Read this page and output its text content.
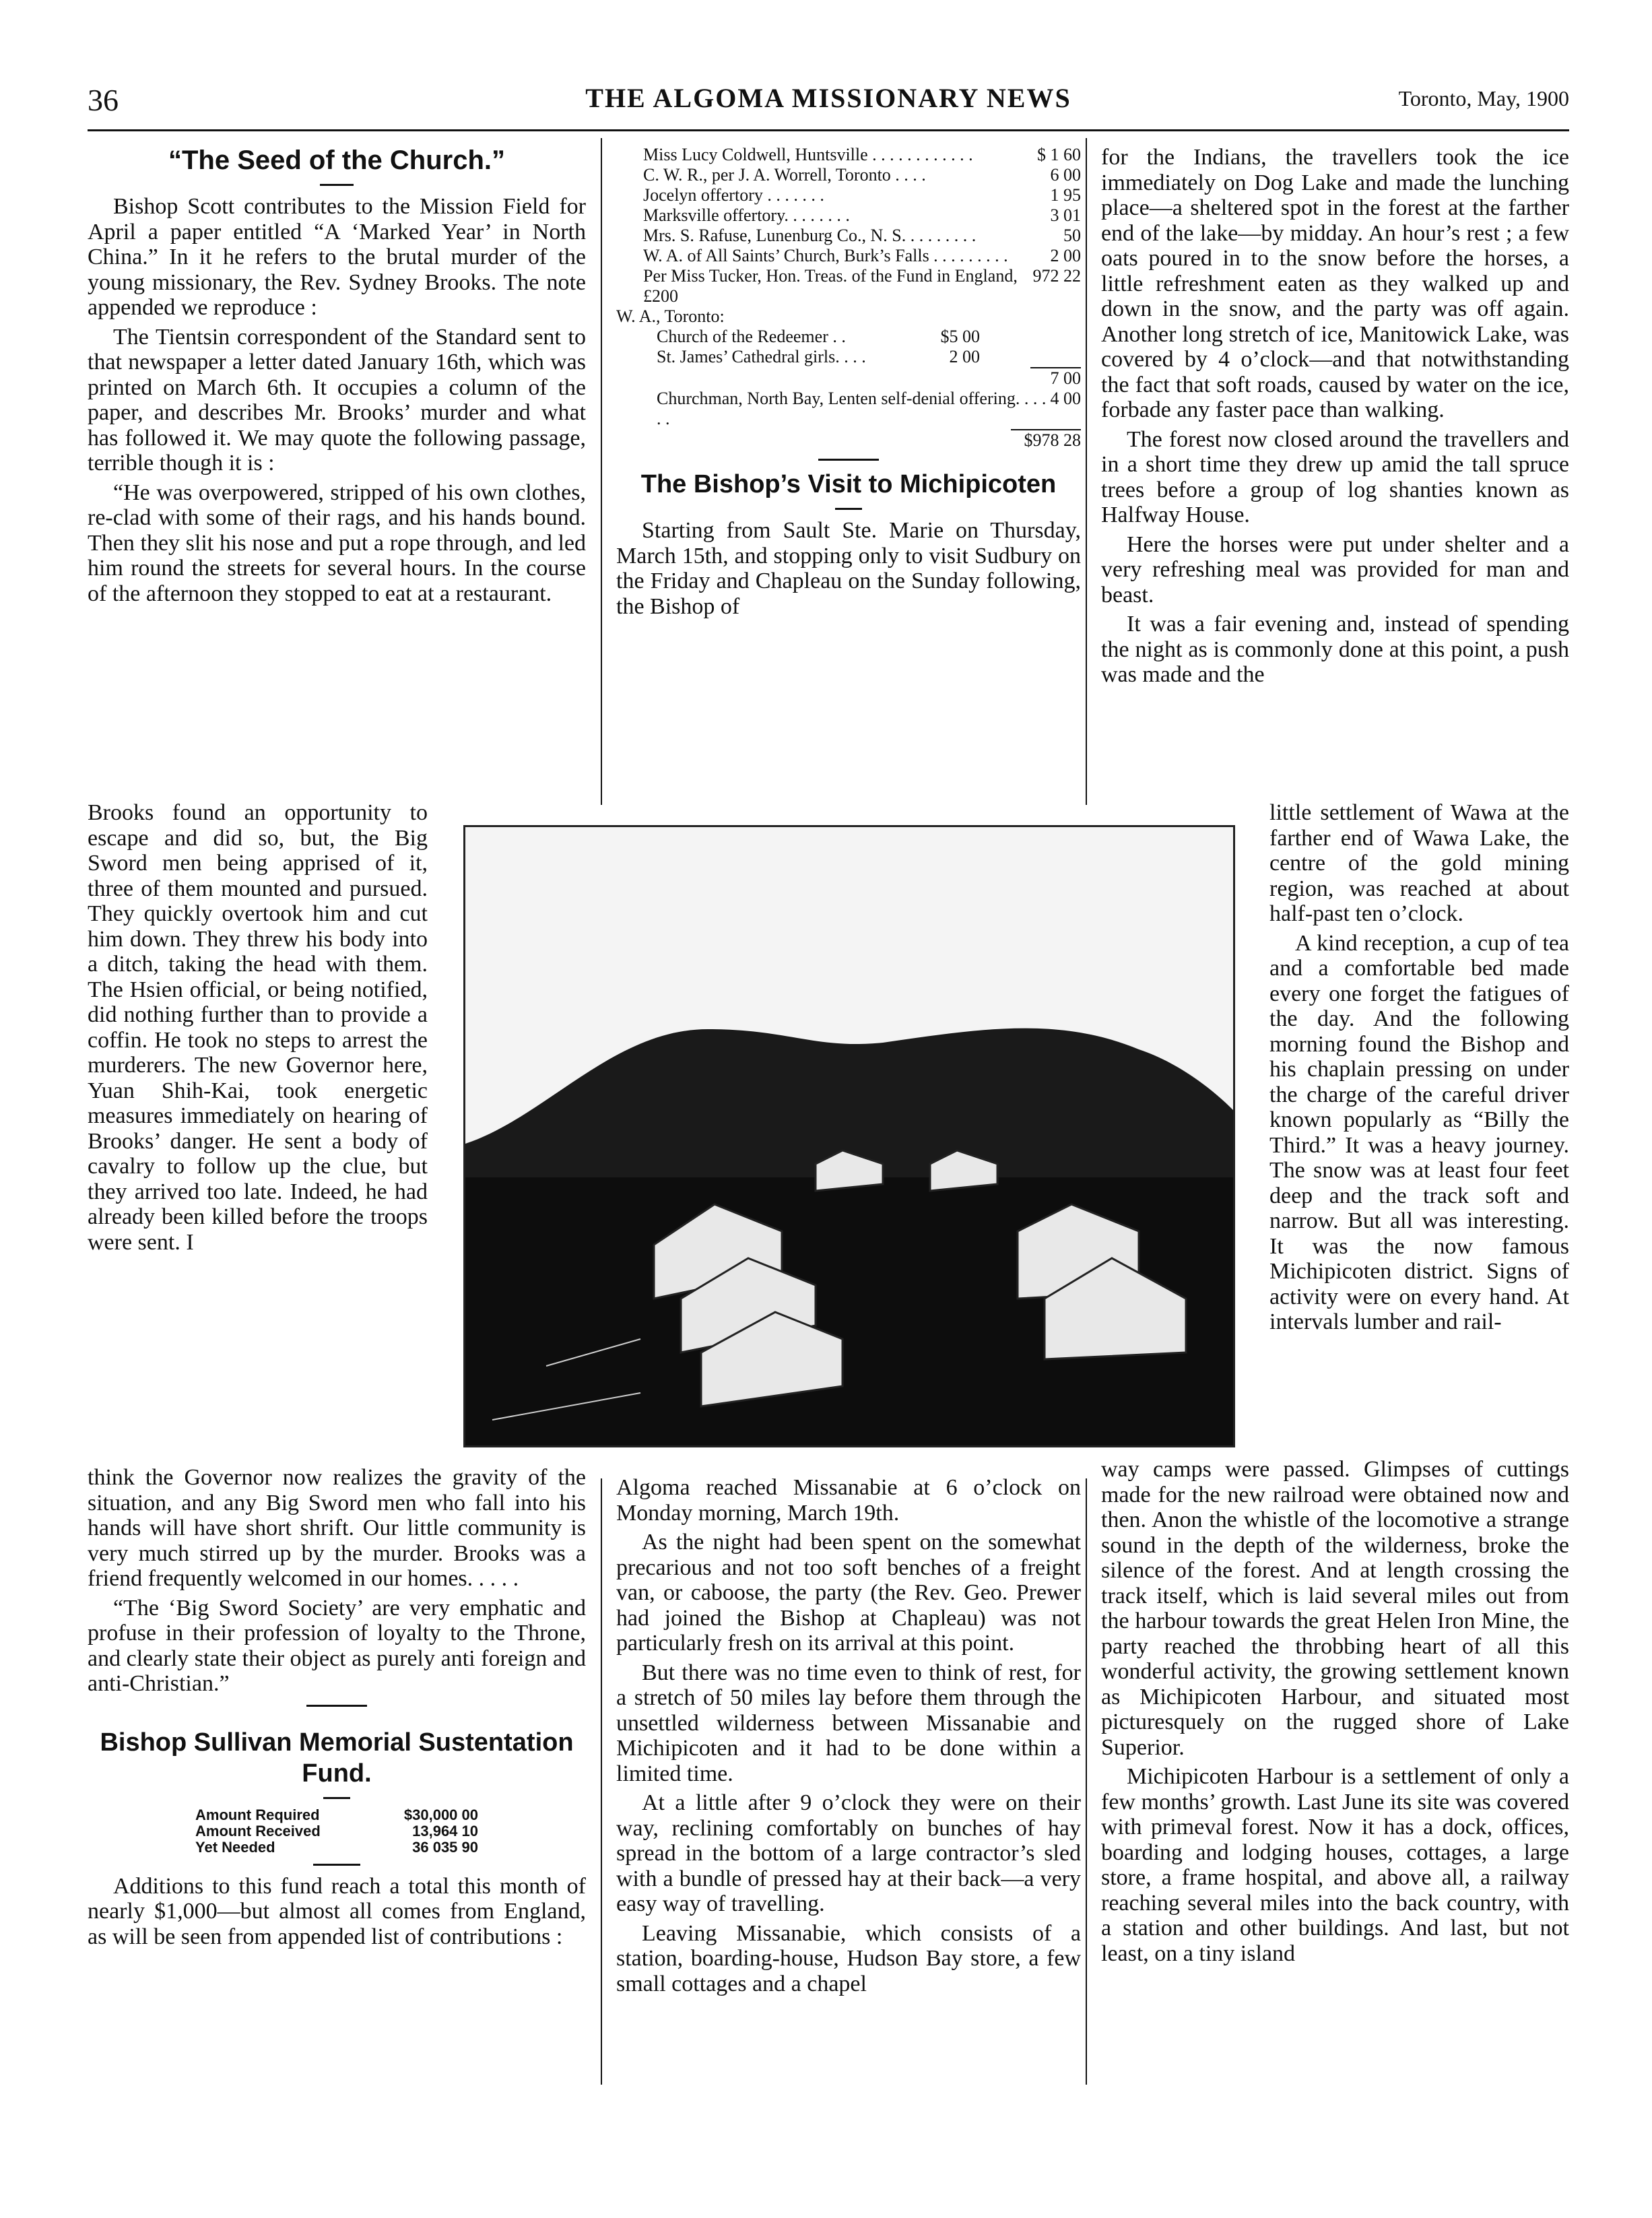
36	THE ALGOMA MISSIONARY NEWS	Toronto, May, 1900
“The Seed of the Church.”

Bishop Scott contributes to the Mission Field for April a paper entitled “A ‘Marked Year’ in North China.” In it he refers to the brutal murder of the young missionary, the Rev. Sydney Brooks. The note appended we reproduce :

The Tientsin correspondent of the Standard sent to that newspaper a letter dated January 16th, which was printed on March 6th. It occupies a column of the paper, and describes Mr. Brooks’ murder and what has followed it. We may quote the following passage, terrible though it is :

“He was overpowered, stripped of his own clothes, re-clad with some of their rags, and his hands bound. Then they slit his nose and put a rope through, and led him round the streets for several hours. In the course of the afternoon they stopped to eat at a restaurant.

Brooks found an opportunity to escape and did so, but, the Big Sword men being apprised of it, three of them mounted and pursued. They quickly overtook him and cut him down. They threw his body into a ditch, taking the head with them. The Hsien official, or being notified, did nothing further than to provide a coffin. He took no steps to arrest the murderers. The new Governor here, Yuan Shih-Kai, took energetic measures immediately on hearing of Brooks’ danger. He sent a body of cavalry to follow up the clue, but they arrived too late. Indeed, he had already been killed before the troops were sent. I

think the Governor now realizes the gravity of the situation, and any Big Sword men who fall into his hands will have short shrift. Our little community is very much stirred up by the murder. Brooks was a friend frequently welcomed in our homes. . . . .

“The ‘Big Sword Society’ are very emphatic and profuse in their profession of loyalty to the Throne, and clearly state their object as purely anti foreign and anti-Christian.”

Bishop Sullivan Memorial Sustentation Fund.
Amount Required	$30,000 00
Amount Received	13,964 10
Yet Needed	36 035 90

Additions to this fund reach a total this month of nearly $1,000—but almost all comes from England, as will be seen from appended list of contributions :

Miss Lucy Coldwell, Huntsville . . . . . . . . . . . .	$ 1 60
C. W. R., per J. A. Worrell, Toronto . . . .	6 00
Jocelyn offertory . . . . . . .	1 95
Marksville offertory. . . . . . . .	3 01
Mrs. S. Rafuse, Lunenburg Co., N. S. . . . . . . . .	50
W. A. of All Saints’ Church, Burk’s Falls . . . . . . . . . 2 00
Per Miss Tucker, Hon. Treas. of the Fund in England, £200
972 22
W. A., Toronto:
Church of the Redeemer . .	$5 00
St. James’ Cathedral girls. . . .	2 00
7 00
Churchman, North Bay, Lenten self-denial offering. . . . . .
4 00
$978 28
The Bishop’s Visit to Michipicoten

Starting from Sault Ste. Marie on Thursday, March 15th, and stopping only to visit Sudbury on the Friday and Chapleau on the Sunday following, the Bishop of

Algoma reached Missanabie at 6 o’clock on Monday morning, March 19th.

As the night had been spent on the somewhat precarious and not too soft benches of a freight van, or caboose, the party (the Rev. Geo. Prewer had joined the Bishop at Chapleau) was not particularly fresh on its arrival at this point.

But there was no time even to think of rest, for a stretch of 50 miles lay before them through the unsettled wilderness between Missanabie and Michipicoten and it had to be done within a limited time.

At a little after 9 o’clock they were on their way, reclining comfortably on bunches of hay spread in the bottom of a large contractor’s sled with a bundle of pressed hay at their back—a very easy way of travelling.

Leaving Missanabie, which consists of a station, boarding-house, Hudson Bay store, a few small cottages and a chapel

for the Indians, the travellers took the ice immediately on Dog Lake and made the lunching place—a sheltered spot in the forest at the farther end of the lake—by midday. An hour’s rest ; a few oats poured in to the snow before the horses, a little refreshment eaten as they walked up and down in the snow, and the party was off again. Another long stretch of ice, Manitowick Lake, was covered by 4 o’clock—and that notwithstanding the fact that soft roads, caused by water on the ice, forbade any faster pace than walking.

The forest now closed around the travellers and in a short time they drew up amid the tall spruce trees before a group of log shanties known as Halfway House.

Here the horses were put under shelter and a very refreshing meal was provided for man and beast.

It was a fair evening and, instead of spending the night as is commonly done at this point, a push was made and the

little settlement of Wawa at the farther end of Wawa Lake, the centre of the gold mining region, was reached at about half-past ten o’clock.

A kind reception, a cup of tea and a comfortable bed made every one forget the fatigues of the day. And the following morning found the Bishop and his chaplain pressing on under the charge of the careful driver known popularly as “Billy the Third.” It was a heavy journey. The snow was at least four feet deep and the track soft and narrow. But all was interesting. It was the now famous Michipicoten district. Signs of activity were on every hand. At intervals lumber and rail-

way camps were passed. Glimpses of cuttings made for the new railroad were obtained now and then. Anon the whistle of the locomotive a strange sound in the depth of the wilderness, broke the silence of the forest. And at length crossing the track itself, which is laid several miles out from the harbour towards the great Helen Iron Mine, the party reached the throbbing heart of all this wonderful activity, the growing settlement known as Michipicoten Harbour, and situated most picturesquely on the rugged shore of Lake Superior.

Michipicoten Harbour is a settlement of only a few months’ growth. Last June its site was covered with primeval forest. Now it has a dock, offices, boarding and lodging houses, cottages, a large store, a frame hospital, and above all, a railway reaching several miles into the back country, with a station and other buildings. And last, but not least, on a tiny island
